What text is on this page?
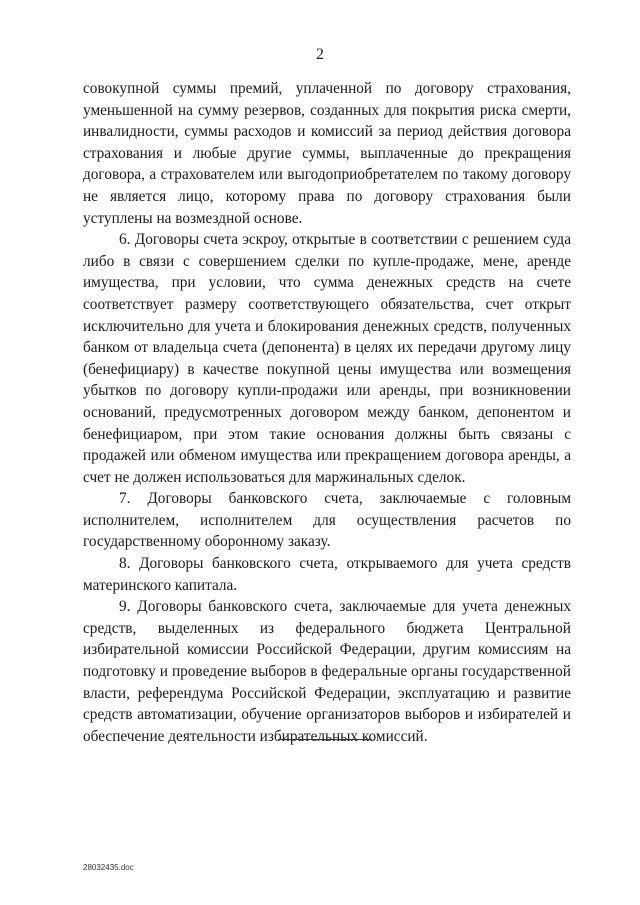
2

совокупной суммы премий, уплаченной по договору страхования, уменьшенной на сумму резервов, созданных для покрытия риска смерти, инвалидности, суммы расходов и комиссий за период действия договора страхования и любые другие суммы, выплаченные до прекращения договора, а страхователем или выгодоприобретателем по такому договору не является лицо, которому права по договору страхования были уступлены на возмездной основе.

6. Договоры счета эскроу, открытые в соответствии с решением суда либо в связи с совершением сделки по купле-продаже, мене, аренде имущества, при условии, что сумма денежных средств на счете соответствует размеру соответствующего обязательства, счет открыт исключительно для учета и блокирования денежных средств, полученных банком от владельца счета (депонента) в целях их передачи другому лицу (бенефициару) в качестве покупной цены имущества или возмещения убытков по договору купли-продажи или аренды, при возникновении оснований, предусмотренных договором между банком, депонентом и бенефициаром, при этом такие основания должны быть связаны с продажей или обменом имущества или прекращением договора аренды, а счет не должен использоваться для маржинальных сделок.

7. Договоры банковского счета, заключаемые с головным исполнителем, исполнителем для осуществления расчетов по государственному оборонному заказу.

8. Договоры банковского счета, открываемого для учета средств материнского капитала.

9. Договоры банковского счета, заключаемые для учета денежных средств, выделенных из федерального бюджета Центральной избирательной комиссии Российской Федерации, другим комиссиям на подготовку и проведение выборов в федеральные органы государственной власти, референдума Российской Федерации, эксплуатацию и развитие средств автоматизации, обучение организаторов выборов и избирателей и обеспечение деятельности избирательных комиссий.

28032435.doc
